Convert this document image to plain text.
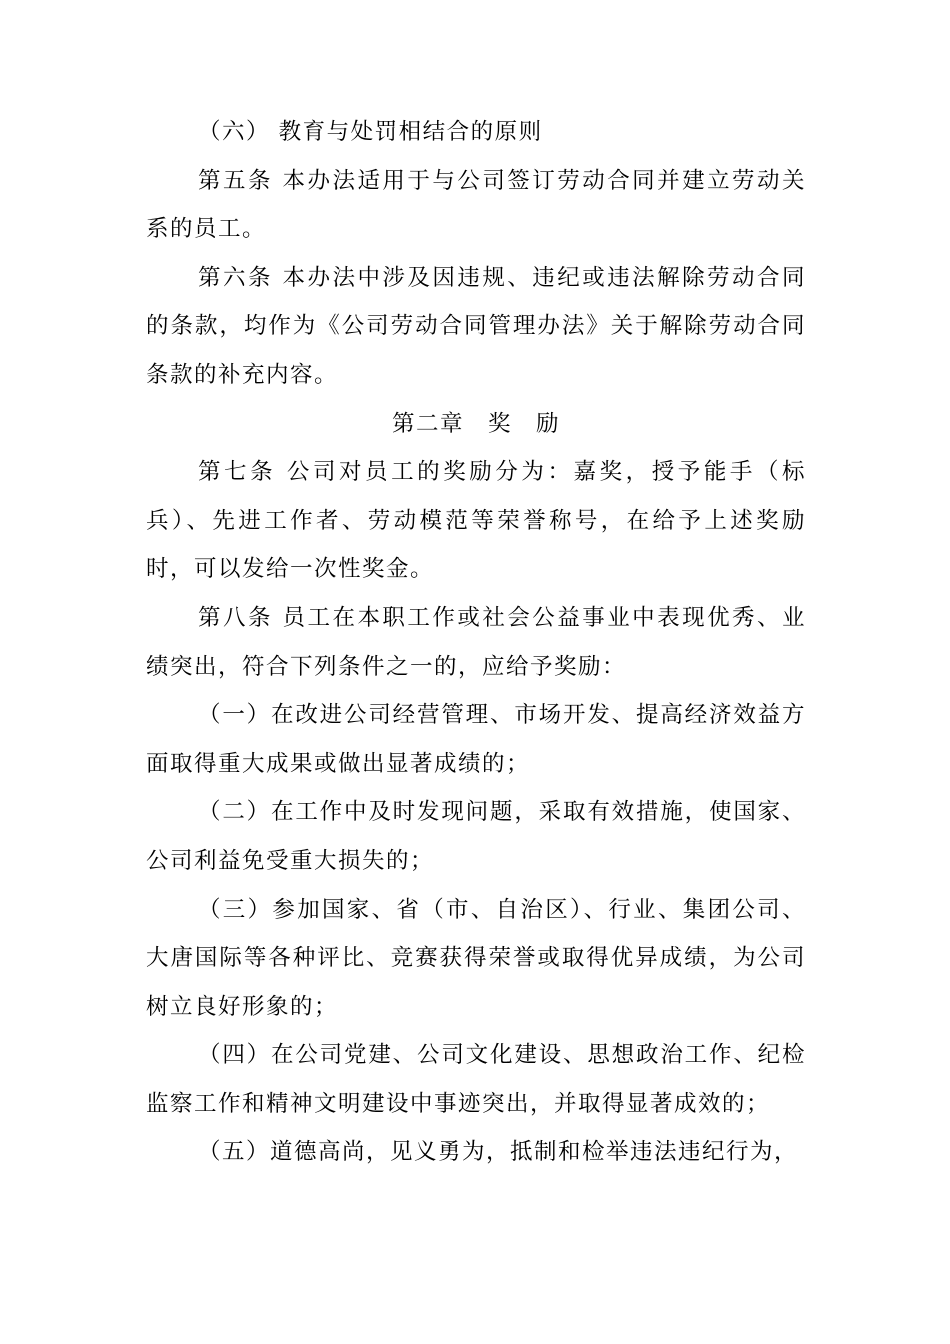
（六） 教育与处罚相结合的原则

第五条 本办法适用于与公司签订劳动合同并建立劳动关系的员工。

第六条 本办法中涉及因违规、违纪或违法解除劳动合同的条款，均作为《公司劳动合同管理办法》关于解除劳动合同条款的补充内容。

第二章　奖　励

第七条 公司对员工的奖励分为：嘉奖，授予能手（标兵）、先进工作者、劳动模范等荣誉称号，在给予上述奖励时，可以发给一次性奖金。

第八条 员工在本职工作或社会公益事业中表现优秀、业绩突出，符合下列条件之一的，应给予奖励：

（一）在改进公司经营管理、市场开发、提高经济效益方面取得重大成果或做出显著成绩的；

（二）在工作中及时发现问题，采取有效措施，使国家、公司利益免受重大损失的；

（三）参加国家、省（市、自治区）、行业、集团公司、大唐国际等各种评比、竞赛获得荣誉或取得优异成绩，为公司树立良好形象的；

（四）在公司党建、公司文化建设、思想政治工作、纪检监察工作和精神文明建设中事迹突出，并取得显著成效的；

（五）道德高尚，见义勇为，抵制和检举违法违纪行为，
